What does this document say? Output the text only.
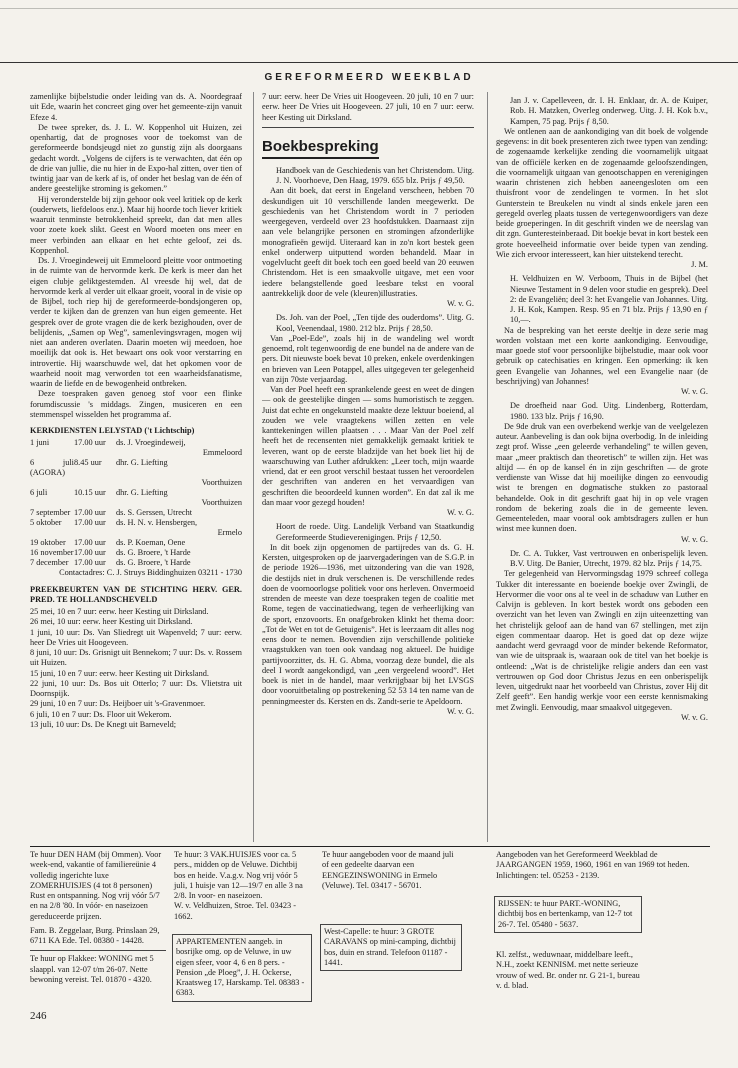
GEREFORMEERD WEEKBLAD

zamenlijke bijbelstudie onder leiding van ds. A. Noordegraaf uit Ede, waarin het concreet ging over het gemeente-zijn vanuit Efeze 4.

De twee spreker, ds. J. L. W. Koppenhol uit Huizen, zei openhartig, dat de prognoses voor de toekomst van de gereformeerde bondsjeugd niet zo gunstig zijn als doorgaans gedacht wordt. „Volgens de cijfers is te verwachten, dat één op de drie van jullie, die nu hier in de Expo-hal zitten, over tien of twintig jaar van de kerk af is, of onder het beslag van de één of andere geestelijke stroming is gekomen.”

Hij veronderstelde bij zijn gehoor ook veel kritiek op de kerk (ouderwets, liefdeloos enz.). Maar hij hoorde toch liever kritiek waaruit tenminste betrokkenheid spreekt, dan dat men alles voor zoete koek slikt. Geest en Woord moeten ons meer en meer verbinden aan elkaar en het echte geloof, zei ds. Koppenhol.

Ds. J. Vroegindeweij uit Emmeloord pleitte voor ontmoeting in de ruimte van de hervormde kerk. De kerk is meer dan het eigen clubje geliktgestemden. Al vreesde hij wel, dat de hervormde kerk al verder uit elkaar groeit, vooral in de visie op de Bijbel, toch riep hij de gereformeerde-bondsjongeren op, verder te kijken dan de grenzen van hun eigen gemeente. Het gesprek over de grote vragen die de kerk bezighouden, over de belijdenis, „Samen op Weg”, samenlevingsvragen, mogen wij niet aan anderen overlaten. Daarin moeten wij meedoen, hoe moeilijk dat ook is. Het bewaart ons ook voor verstarring en introvertie. Hij waarschuwde wel, dat het opkomen voor de waarheid nooit mag verworden tot een waarheidsfanatisme, waarin de liefde en de bewogenheid ontbreken.

Deze toespraken gaven genoeg stof voor een flinke forumdiscussie 's middags. Zingen, musiceren en een stemmenspel wisselden het programma af.

KERKDIENSTEN LELYSTAD ('t Lichtschip)
1 juni	17.00 uur	ds. J. Vroegindeweij,
Emmeloord		
6 juli (AGORA)	8.45 uur	dhr. G. Liefting
Voorthuizen		
6 juli	10.15 uur	dhr. G. Liefting
Voorthuizen		
7 september	17.00 uur	ds. S. Gerssen, Utrecht
5 oktober	17.00 uur	ds. H. N. v. Hensbergen,
Ermelo		
19 oktober	17.00 uur	ds. P. Koeman, Oene
16 november	17.00 uur	ds. G. Broere, 't Harde
7 december	17.00 uur	ds. G. Broere, 't Harde
Contactadres: C. J. Struys Biddinghuizen 03211 - 1730
PREEKBEURTEN VAN DE STICHTING HERV. GER. PRED. TE HOLLANDSCHEVELD
25 mei, 10 en 7 uur: eerw. heer Kesting uit Dirksland.
26 mei, 10 uur: eerw. heer Kesting uit Dirksland.
1 juni, 10 uur: Ds. Van Sliedregt uit Wapenveld; 7 uur: eerw. heer De Vries uit Hoogeveen.
8 juni, 10 uur: Ds. Grisnigt uit Bennekom; 7 uur: Ds. v. Rossem uit Huizen.
15 juni, 10 en 7 uur: eerw. heer Kesting uit Dirksland.
22 juni, 10 uur: Ds. Bos uit Otterlo; 7 uur: Ds. Vlietstra uit Doornspijk.
29 juni, 10 en 7 uur: Ds. Heijboer uit 's-Gravenmoer.
6 juli, 10 en 7 uur: Ds. Floor uit Wekerom.
13 juli, 10 uur: Ds. De Knegt uit Barneveld;

7 uur: eerw. heer De Vries uit Hoogeveen. 20 juli, 10 en 7 uur: eerw. heer De Vries uit Hoogeveen. 27 juli, 10 en 7 uur: eerw. heer Kesting uit Dirksland.

Boekbespreking

Handboek van de Geschiedenis van het Christendom. Uitg. J. N. Voorhoeve, Den Haag, 1979. 655 blz. Prijs ƒ 49,50.

Aan dit boek, dat eerst in Engeland verscheen, hebben 70 deskundigen uit 10 verschillende landen meegewerkt. De geschiedenis van het Christendom wordt in 7 perioden weergegeven, verdeeld over 23 hoofdstukken. Daarnaast zijn aan vele belangrijke personen en stromingen afzonderlijke monografieën gewijd. Uiteraard kan in zo'n kort bestek geen enkel onderwerp uitputtend worden behandeld. Maar in vogelvlucht geeft dit boek toch een goed beeld van 20 eeuwen Christendom. Het is een smaakvolle uitgave, met een voor iedere belangstellende goed leesbare tekst en vooral aantrekkelijk door de vele (kleuren)illustraties.

W. v. G.

Ds. Joh. van der Poel, „Ten tijde des ouderdoms”. Uitg. G. Kool, Veenendaal, 1980. 212 blz. Prijs ƒ 28,50.

Van „Poel-Ede”, zoals hij in de wandeling wel wordt genoemd, rolt tegenwoordig de ene bundel na de andere van de pers. Dit nieuwste boek bevat 10 preken, enkele overdenkingen en brieven van Leen Potappel, alles uitgegeven ter gelegenheid van zijn 70ste verjaardag.

Van der Poel heeft een sprankelende geest en weet de dingen — ook de geestelijke dingen — soms humoristisch te zeggen. Juist dat echte en ongekunsteld maakte deze lektuur boeiend, al zouden we vele vraagtekens willen zetten en vele kanttekeningen willen plaatsen . . . Maar Van der Poel zelf heeft het de recensenten niet gemakkelijk gemaakt kritiek te leveren, want op de eerste bladzijde van het boek liet hij de waarschuwing van Luther afdrukken: „Leer toch, mijn waarde vriend, dat er een groot verschil bestaat tussen het veroordelen der geschriften van anderen en het vervaardigen van geschriften die beoordeeld kunnen worden”. En dat zal ik me dan maar voor gezegd houden!

W. v. G.

Hoort de roede. Uitg. Landelijk Verband van Staatkundig Gereformeerde Studieverenigingen. Prijs ƒ 12,50.

In dit boek zijn opgenomen de partijredes van ds. G. H. Kersten, uitgesproken op de jaarvergaderingen van de S.G.P. in de periode 1926—1936, met uitzondering van die van 1928, die destijds niet in druk verschenen is. De verschillende redes doen de voornoorlogse politiek voor ons herleven. Onvermoeid strenden de meeste van deze toespraken tegen de coalitie met Rome, tegen de vaccinatiedwang, tegen de verheerlijking van de sport, enzovoorts. En onafgebroken klinkt het thema door: „Tot de Wet en tot de Getuigenis”. Het is leerzaam dit alles nog eens door te nemen. Bovendien zijn verschillende politieke vraagstukken van toen ook vandaag nog aktueel. De huidige partijvoorzitter, ds. H. G. Abma, voorzag deze bundel, die als deel I wordt aangekondigd, van „een vergeelend woord”. Het boek is niet in de handel, maar verkrijgbaar bij het LVSGS door vooruitbetaling op postrekening 52 53 14 ten name van de penningmeester ds. Kersten en ds. Zandt-serie te Apeldoorn.

W. v. G.

Jan J. v. Capelleveen, dr. I. H. Enklaar, dr. A. de Kuiper, Rob. H. Matzken, Overleg onderweg. Uitg. J. H. Kok b.v., Kampen, 75 pag. Prijs ƒ 8,50.

We ontlenen aan de aankondiging van dit boek de volgende gegevens: in dit boek presenteren zich twee typen van zending: de zogenaamde kerkelijke zending die voornamelijk uitgaat van de officiële kerken en de zogenaamde geloofszendingen, die voornamelijk uitgaan van genootschappen en verenigingen waarin christenen zich hebben aaneengesloten om een thuisfront voor de zendelingen te vormen. In het slot Gunterstein te Breukelen nu vindt al sinds enkele jaren een geregeld overleg plaats tussen de vertegenwoordigers van deze beide groeperingen. In dit geschrift vinden we de neerslag van dit zgn. Gunteresteinberaad. Dit boekje bevat in kort bestek een grote hoeveelheid informatie over beide typen van zending. Wie zich ervoor interesseert, kan hier uitstekend terecht.

J. M.

H. Veldhuizen en W. Verboom, Thuis in de Bijbel (het Nieuwe Testament in 9 delen voor studie en gesprek). Deel 2: de Evangeliën; deel 3: het Evangelie van Johannes. Uitg. J. H. Kok, Kampen. Resp. 95 en 71 blz. Prijs ƒ 13,90 en ƒ 10,—.

Na de bespreking van het eerste deeltje in deze serie mag worden volstaan met een korte aankondiging. Eenvoudige, maar goede stof voor persoonlijke bijbelstudie, maar ook voor gebruik op catechisaties en kringen. Een opmerking: ik ken geen Evangelie van Johannes, wel een Evangelie naar (de beschrijving) van Johannes!

W. v. G.

De droefheid naar God. Uitg. Lindenberg, Rotterdam, 1980. 133 blz. Prijs ƒ 16,90.

De 9de druk van een overbekend werkje van de veelgelezen auteur. Aanbeveling is dan ook bijna overbodig. In de inleiding zegt prof. Wisse „een geleerde verhandeling” te willen geven, maar „meer praktisch dan theoretisch” te willen zijn. Het was altijd — én op de kansel én in zijn geschriften — de grote verdienste van Wisse dat hij moeilijke dingen zo eenvoudig wist te brengen en dogmatische stukken zo pastoraal behandelde. Ook in dit geschrift gaat hij in op vele vragen rondom de bekering zoals die in de gemeente leven. Gemeenteleden, maar vooral ook ambtsdragers zullen er hun winst mee kunnen doen.

W. v. G.

Dr. C. A. Tukker, Vast vertrouwen en onberispelijk leven. B.V. Uitg. De Banier, Utrecht, 1979. 82 blz. Prijs ƒ 14,75.

Ter gelegenheid van Hervormingsdag 1979 schreef collega Tukker dit interessante en boeiende boekje over Zwingli, de Hervormer die voor ons al te veel in de schaduw van Luther en Calvijn is gebleven. In kort bestek wordt ons geboden een overzicht van het leven van Zwingli en zijn uiteenzetting van het christelijk geloof aan de hand van 67 stellingen, met zijn eigen commentaar daarop. Het is goed dat op deze wijze aandacht werd gevraagd voor de minder bekende Reformator, van wie de uitspraak is, waaraan ook de titel van het boekje is ontleend: „Wat is de christelijke religie anders dan een vast vertrouwen op God door Christus Jezus en een onberispelijk leven, uitgedrukt naar het voorbeeld van Christus, zover Hij dit Zelf geeft”. Een handig werkje voor een eerste kennismaking met Zwingli. Eenvoudig, maar smaakvol uitgegeven.

W. v. G.

Te huur DEN HAM (bij Ommen). Voor week-end, vakantie of familiereünie 4 volledig ingerichte luxe ZOMERHUISJES (4 tot 8 personen) Rust en ontspanning. Nog vrij vóór 5/7 en na 2/8 '80. In vóór- en naseizoen gereduceerde prijzen.
Fam. B. Zeggelaar, Burg. Prinslaan 29, 6711 KA Ede. Tel. 08380 - 14428.
Te huur op Flakkee: WONING met 5 slaappl. van 12-07 t/m 26-07. Nette bewoning vereist. Tel. 01870 - 4320.
Te huur: 3 VAK.HUISJES voor ca. 5 pers., midden op de Veluwe. Dichtbij bos en heide. V.a.g.v. Nog vrij vóór 5 juli, 1 huisje van 12—19/7 en alle 3 na 2/8. In voor- en naseizoen.
W. v. Veldhuizen, Stroe. Tel. 03423 - 1662.
APPARTEMENTEN aangeb. in bosrijke omg. op de Veluwe, in uw eigen sfeer, voor 4, 6 en 8 pers. - Pension „de Ploeg”, J. H. Ockerse, Kraatsweg 17, Harskamp. Tel. 08383 - 6383.
Te huur aangeboden voor de maand juli of een gedeelte daarvan een EENGEZINSWONING in Ermelo (Veluwe). Tel. 03417 - 56701.
West-Capelle: te huur: 3 GROTE CARAVANS op mini-camping, dichtbij bos, duin en strand. Telefoon 01187 - 1441.
Aangeboden van het Gereformeerd Weekblad de JAARGANGEN 1959, 1960, 1961 en van 1969 tot heden. Inlichtingen: tel. 05253 - 2139.
RIJSSEN: te huur PART.-WONING, dichtbij bos en bertenkamp, van 12-7 tot 26-7. Tel. 05480 - 5637.
Kl. zelfst., weduwnaar, middelbare leeft., N.H., zoekt KENNISM. met nette serieuze vrouw of wed. Br. onder nr. G 21-1, bureau v. d. blad.
246
